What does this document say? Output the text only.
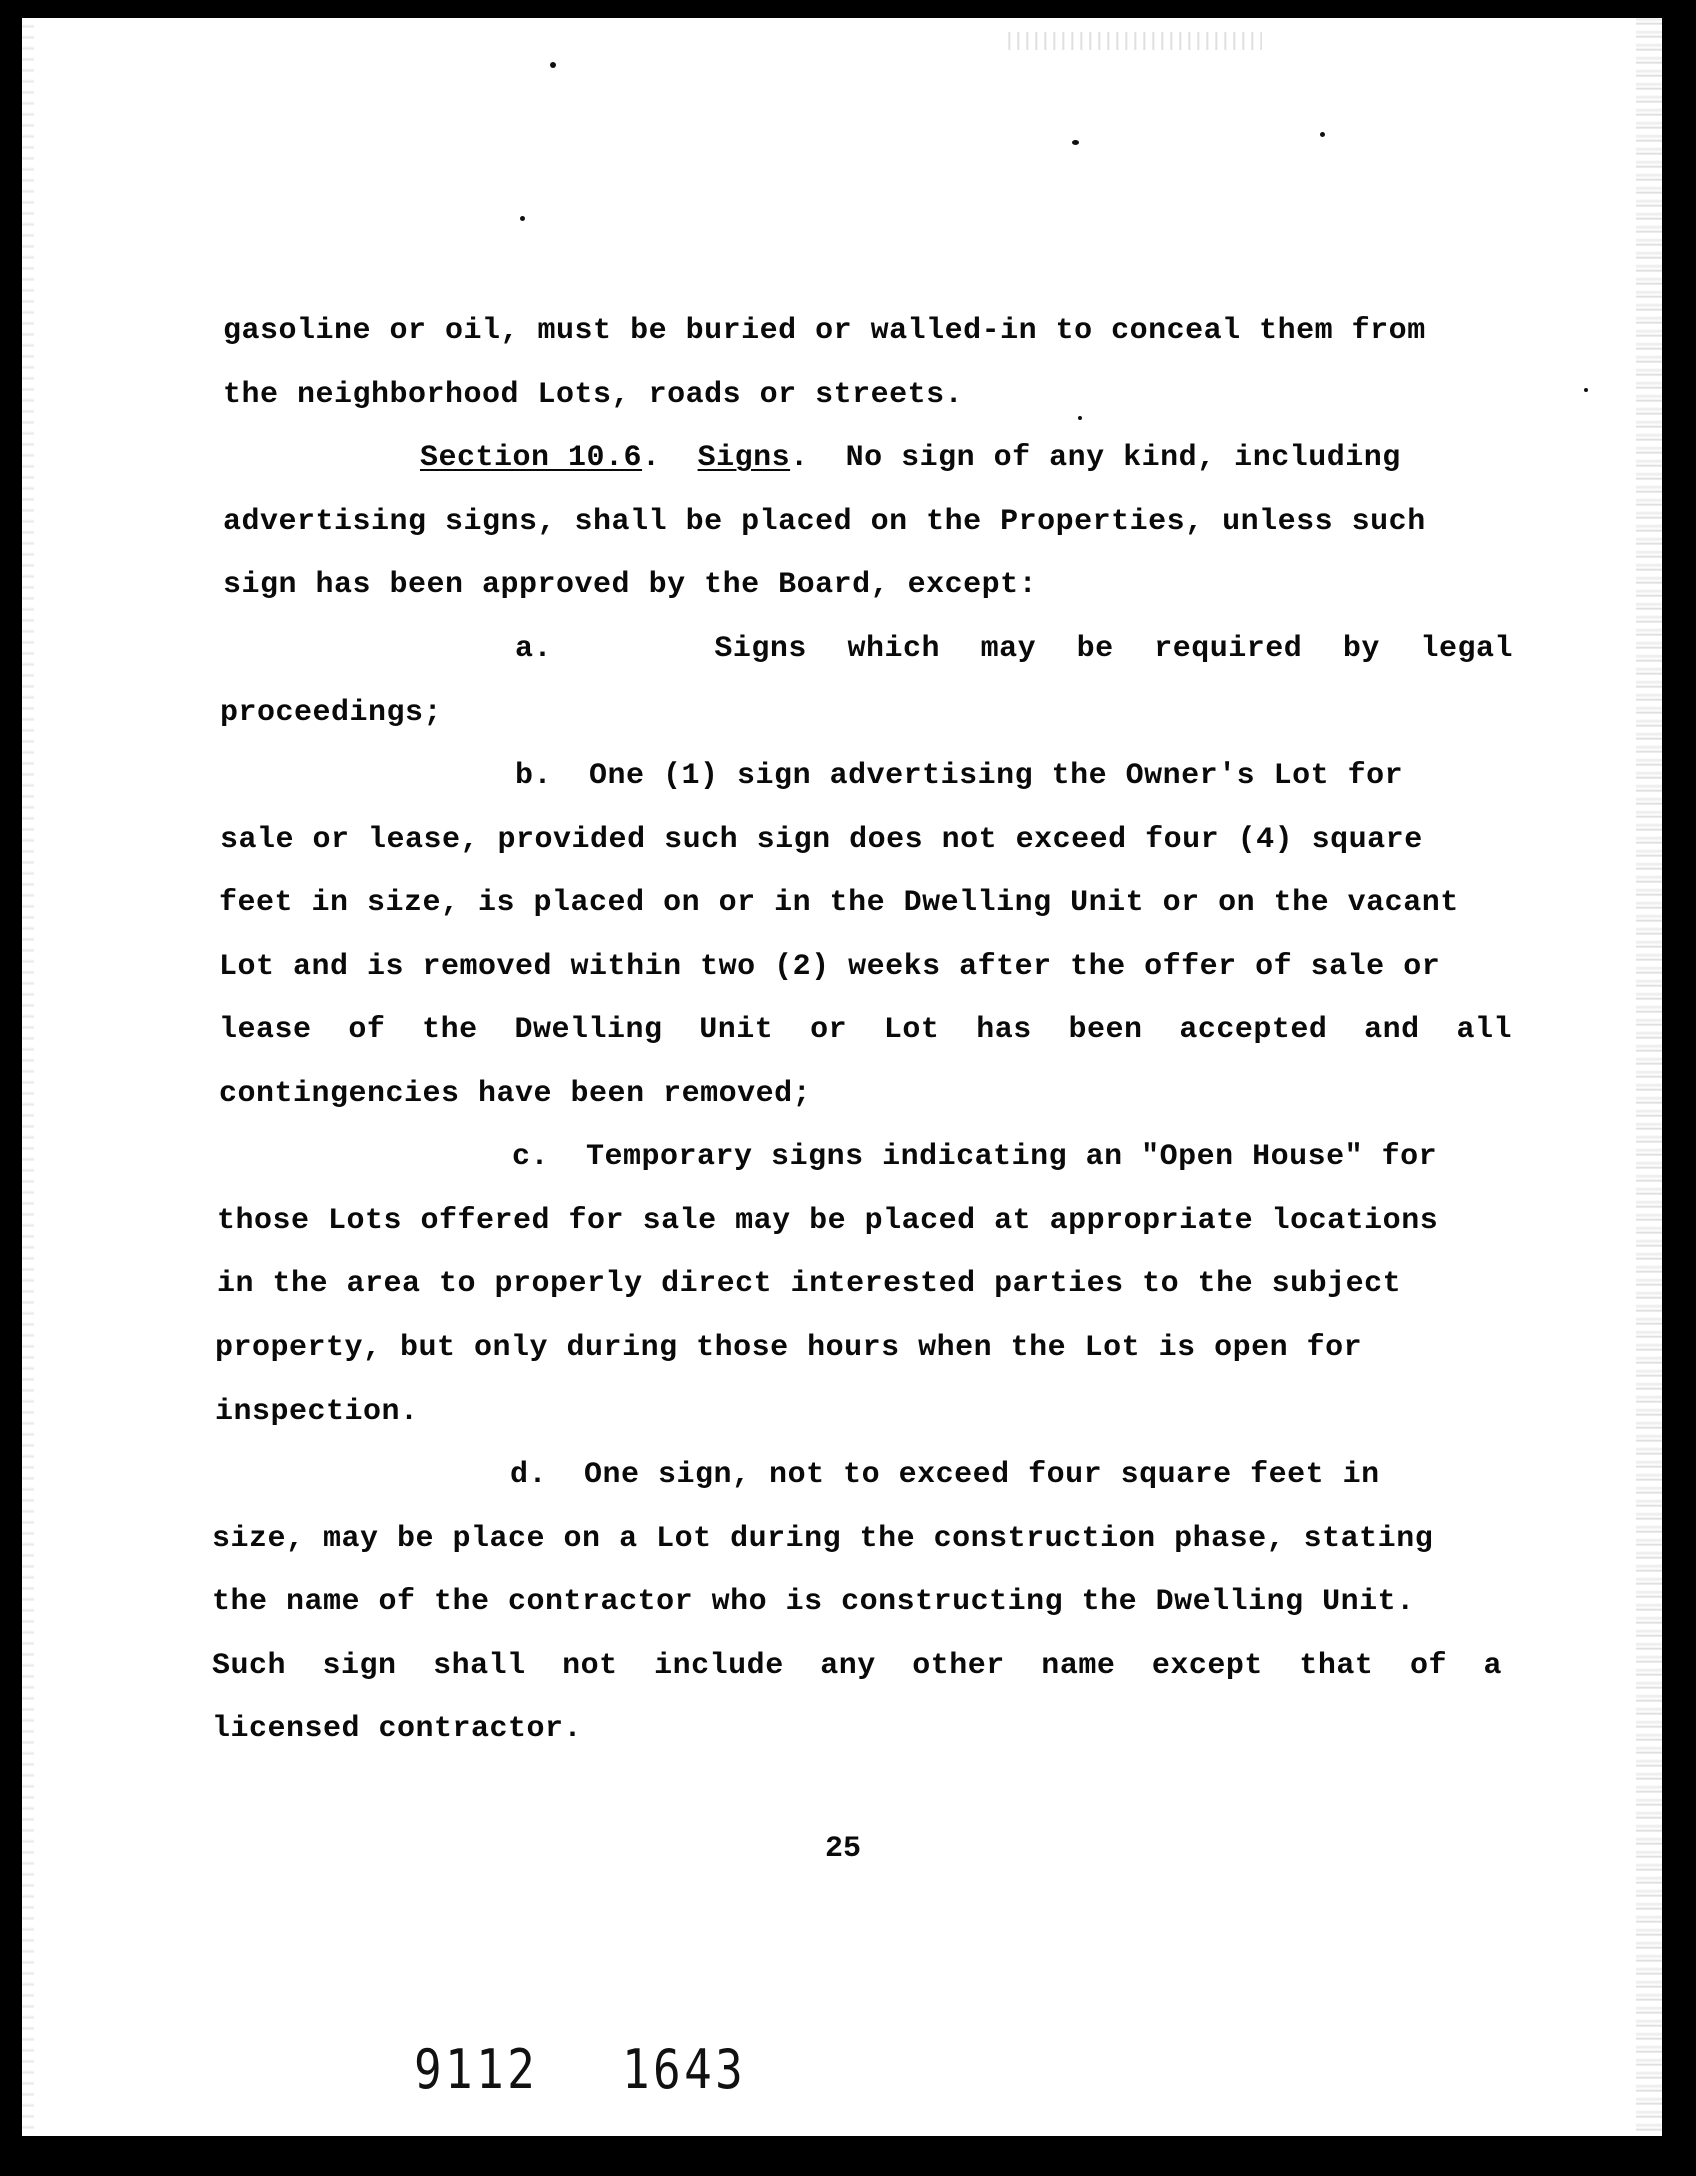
gasoline or oil, must be buried or walled-in to conceal them from
the neighborhood Lots, roads or streets.
Section 10.6. Signs. No sign of any kind, including
advertising signs, shall be placed on the Properties, unless such
sign has been approved by the Board, except:
a.	Signs which may be required by legal
proceedings;
b. One (1) sign advertising the Owner's Lot for
sale or lease, provided such sign does not exceed four (4) square
feet in size, is placed on or in the Dwelling Unit or on the vacant
Lot and is removed within two (2) weeks after the offer of sale or
lease of the Dwelling Unit or Lot has been accepted and all
contingencies have been removed;
c. Temporary signs indicating an "Open House" for
those Lots offered for sale may be placed at appropriate locations
in the area to properly direct interested parties to the subject
property, but only during those hours when the Lot is open for
inspection.
d. One sign, not to exceed four square feet in
size, may be place on a Lot during the construction phase, stating
the name of the contractor who is constructing the Dwelling Unit.
Such sign shall not include any other name except that of a
licensed contractor.
25
9112 1643
